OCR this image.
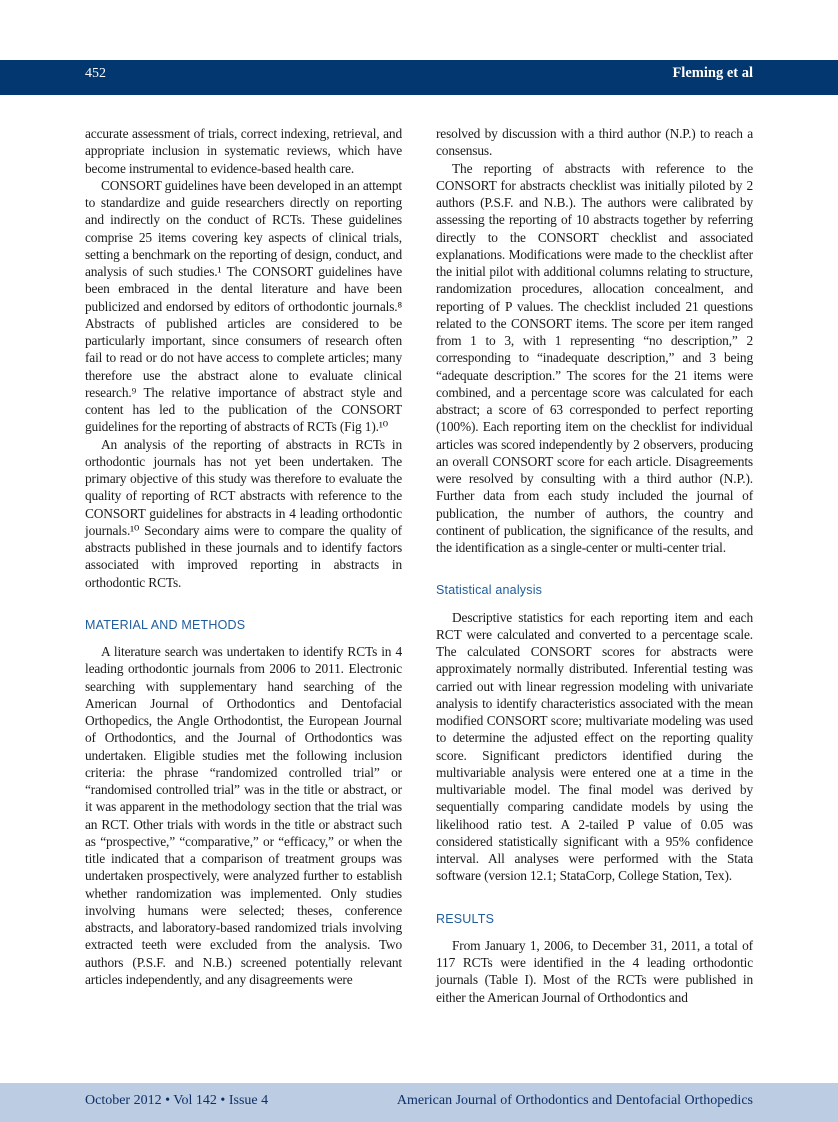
452	Fleming et al

accurate assessment of trials, correct indexing, retrieval, and appropriate inclusion in systematic reviews, which have become instrumental to evidence-based health care.

CONSORT guidelines have been developed in an attempt to standardize and guide researchers directly on reporting and indirectly on the conduct of RCTs. These guidelines comprise 25 items covering key aspects of clinical trials, setting a benchmark on the reporting of design, conduct, and analysis of such studies.¹ The CONSORT guidelines have been embraced in the dental literature and have been publicized and endorsed by editors of orthodontic journals.⁸ Abstracts of published articles are considered to be particularly important, since consumers of research often fail to read or do not have access to complete articles; many therefore use the abstract alone to evaluate clinical research.⁹ The relative importance of abstract style and content has led to the publication of the CONSORT guidelines for the reporting of abstracts of RCTs (Fig 1).¹⁰

An analysis of the reporting of abstracts in RCTs in orthodontic journals has not yet been undertaken. The primary objective of this study was therefore to evaluate the quality of reporting of RCT abstracts with reference to the CONSORT guidelines for abstracts in 4 leading orthodontic journals.¹⁰ Secondary aims were to compare the quality of abstracts published in these journals and to identify factors associated with improved reporting in abstracts in orthodontic RCTs.

MATERIAL AND METHODS

A literature search was undertaken to identify RCTs in 4 leading orthodontic journals from 2006 to 2011. Electronic searching with supplementary hand searching of the American Journal of Orthodontics and Dentofacial Orthopedics, the Angle Orthodontist, the European Journal of Orthodontics, and the Journal of Orthodontics was undertaken. Eligible studies met the following inclusion criteria: the phrase “randomized controlled trial” or “randomised controlled trial” was in the title or abstract, or it was apparent in the methodology section that the trial was an RCT. Other trials with words in the title or abstract such as “prospective,” “comparative,” or “efficacy,” or when the title indicated that a comparison of treatment groups was undertaken prospectively, were analyzed further to establish whether randomization was implemented. Only studies involving humans were selected; theses, conference abstracts, and laboratory-based randomized trials involving extracted teeth were excluded from the analysis. Two authors (P.S.F. and N.B.) screened potentially relevant articles independently, and any disagreements were

resolved by discussion with a third author (N.P.) to reach a consensus.

The reporting of abstracts with reference to the CONSORT for abstracts checklist was initially piloted by 2 authors (P.S.F. and N.B.). The authors were calibrated by assessing the reporting of 10 abstracts together by referring directly to the CONSORT checklist and associated explanations. Modifications were made to the checklist after the initial pilot with additional columns relating to structure, randomization procedures, allocation concealment, and reporting of P values. The checklist included 21 questions related to the CONSORT items. The score per item ranged from 1 to 3, with 1 representing “no description,” 2 corresponding to “inadequate description,” and 3 being “adequate description.” The scores for the 21 items were combined, and a percentage score was calculated for each abstract; a score of 63 corresponded to perfect reporting (100%). Each reporting item on the checklist for individual articles was scored independently by 2 observers, producing an overall CONSORT score for each article. Disagreements were resolved by consulting with a third author (N.P.). Further data from each study included the journal of publication, the number of authors, the country and continent of publication, the significance of the results, and the identification as a single-center or multi-center trial.

Statistical analysis

Descriptive statistics for each reporting item and each RCT were calculated and converted to a percentage scale. The calculated CONSORT scores for abstracts were approximately normally distributed. Inferential testing was carried out with linear regression modeling with univariate analysis to identify characteristics associated with the mean modified CONSORT score; multivariate modeling was used to determine the adjusted effect on the reporting quality score. Significant predictors identified during the multivariable analysis were entered one at a time in the multivariable model. The final model was derived by sequentially comparing candidate models by using the likelihood ratio test. A 2-tailed P value of 0.05 was considered statistically significant with a 95% confidence interval. All analyses were performed with the Stata software (version 12.1; StataCorp, College Station, Tex).

RESULTS

From January 1, 2006, to December 31, 2011, a total of 117 RCTs were identified in the 4 leading orthodontic journals (Table I). Most of the RCTs were published in either the American Journal of Orthodontics and

October 2012 • Vol 142 • Issue 4	American Journal of Orthodontics and Dentofacial Orthopedics
